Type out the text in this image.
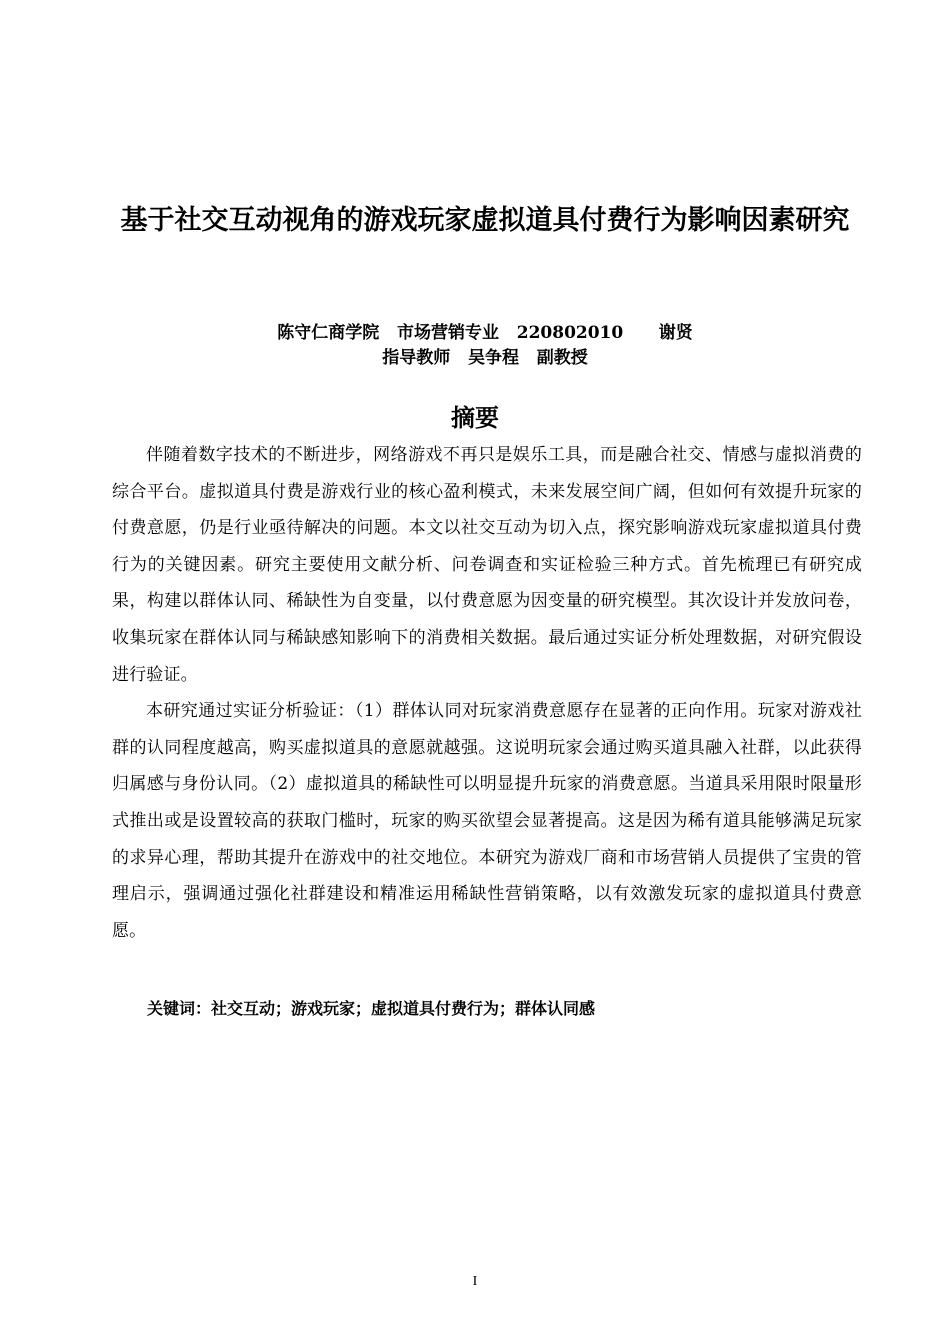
基于社交互动视角的游戏玩家虚拟道具付费行为影响因素研究

陈守仁商学院   市场营销专业   220802010      谢贤

指导教师   吴争程   副教授

摘要

伴随着数字技术的不断进步，网络游戏不再只是娱乐工具，而是融合社交、情感与虚拟消费的综合平台。虚拟道具付费是游戏行业的核心盈利模式，未来发展空间广阔，但如何有效提升玩家的付费意愿，仍是行业亟待解决的问题。本文以社交互动为切入点，探究影响游戏玩家虚拟道具付费行为的关键因素。研究主要使用文献分析、问卷调查和实证检验三种方式。首先梳理已有研究成果，构建以群体认同、稀缺性为自变量，以付费意愿为因变量的研究模型。其次设计并发放问卷，收集玩家在群体认同与稀缺感知影响下的消费相关数据。最后通过实证分析处理数据，对研究假设进行验证。

本研究通过实证分析验证：（1）群体认同对玩家消费意愿存在显著的正向作用。玩家对游戏社群的认同程度越高，购买虚拟道具的意愿就越强。这说明玩家会通过购买道具融入社群，以此获得归属感与身份认同。（2）虚拟道具的稀缺性可以明显提升玩家的消费意愿。当道具采用限时限量形式推出或是设置较高的获取门槛时，玩家的购买欲望会显著提高。这是因为稀有道具能够满足玩家的求异心理，帮助其提升在游戏中的社交地位。本研究为游戏厂商和市场营销人员提供了宝贵的管理启示，强调通过强化社群建设和精准运用稀缺性营销策略，以有效激发玩家的虚拟道具付费意愿。

关键词：社交互动；游戏玩家；虚拟道具付费行为；群体认同感

I
